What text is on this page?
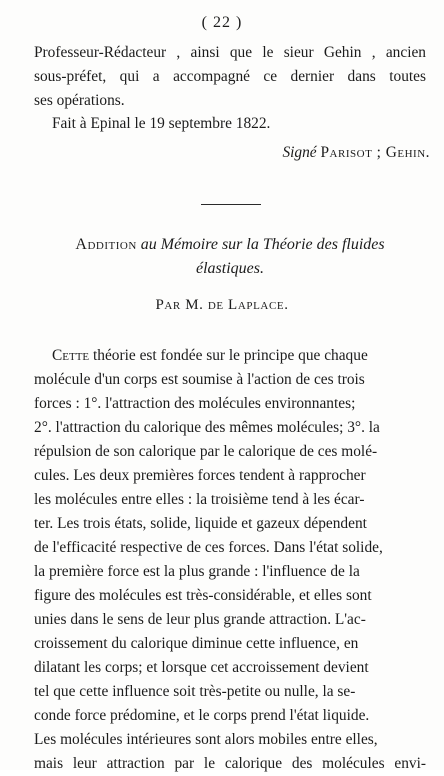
( 22 )
Professeur-Rédacteur , ainsi que le sieur Gehin , ancien
sous-préfet, qui a accompagné ce dernier dans toutes
ses opérations.
Fait à Epinal le 19 septembre 1822.
Signé Parisot ; Gehin.
Addition au Mémoire sur la Théorie des fluides
élastiques.
Par M. de Laplace.
Cette théorie est fondée sur le principe que chaque
molécule d'un corps est soumise à l'action de ces trois
forces : 1°. l'attraction des molécules environnantes;
2°. l'attraction du calorique des mêmes molécules; 3°. la
répulsion de son calorique par le calorique de ces molé-
cules. Les deux premières forces tendent à rapprocher
les molécules entre elles : la troisième tend à les écar-
ter. Les trois états, solide, liquide et gazeux dépendent
de l'efficacité respective de ces forces. Dans l'état solide,
la première force est la plus grande : l'influence de la
figure des molécules est très-considérable, et elles sont
unies dans le sens de leur plus grande attraction. L'ac-
croissement du calorique diminue cette influence, en
dilatant les corps; et lorsque cet accroissement devient
tel que cette influence soit très-petite ou nulle, la se-
conde force prédomine, et le corps prend l'état liquide.
Les molécules intérieures sont alors mobiles entre elles,
mais leur attraction par le calorique des molécules envi-
